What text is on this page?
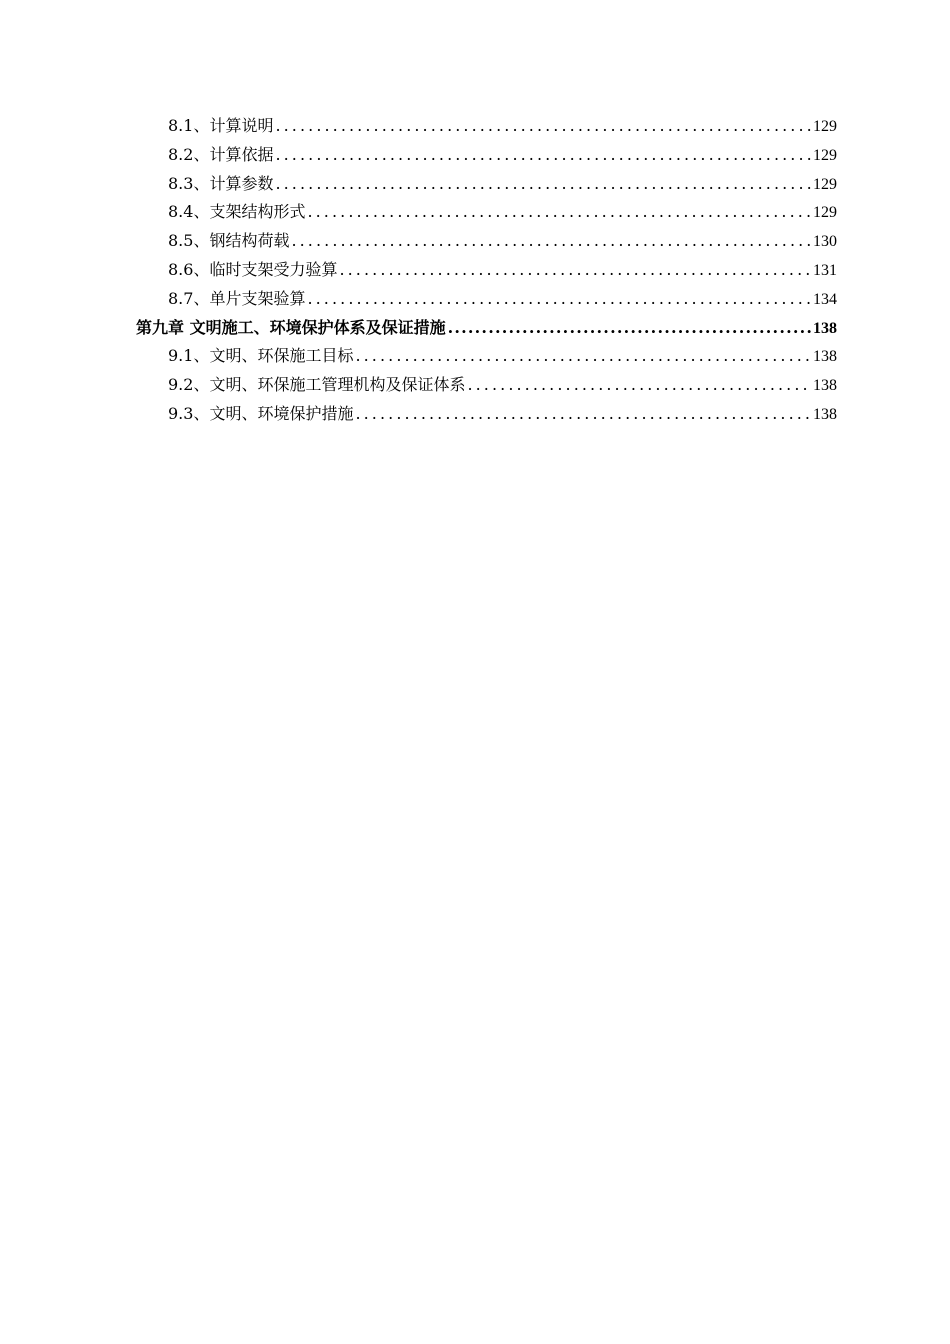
8.1、计算说明 . . .	129
8.2、计算依据 . . .	129
8.3、计算参数 . . .	129
8.4、支架结构形式 . . .	129
8.5、钢结构荷载 . . .	130
8.6、临时支架受力验算 . . .	131
8.7、单片支架验算 . . .	134
第九章 文明施工、环境保护体系及保证措施 .....	138
9.1、文明、环保施工目标 . . .	138
9.2、文明、环保施工管理机构及保证体系 . . .	138
9.3、文明、环境保护措施 . . .	138
